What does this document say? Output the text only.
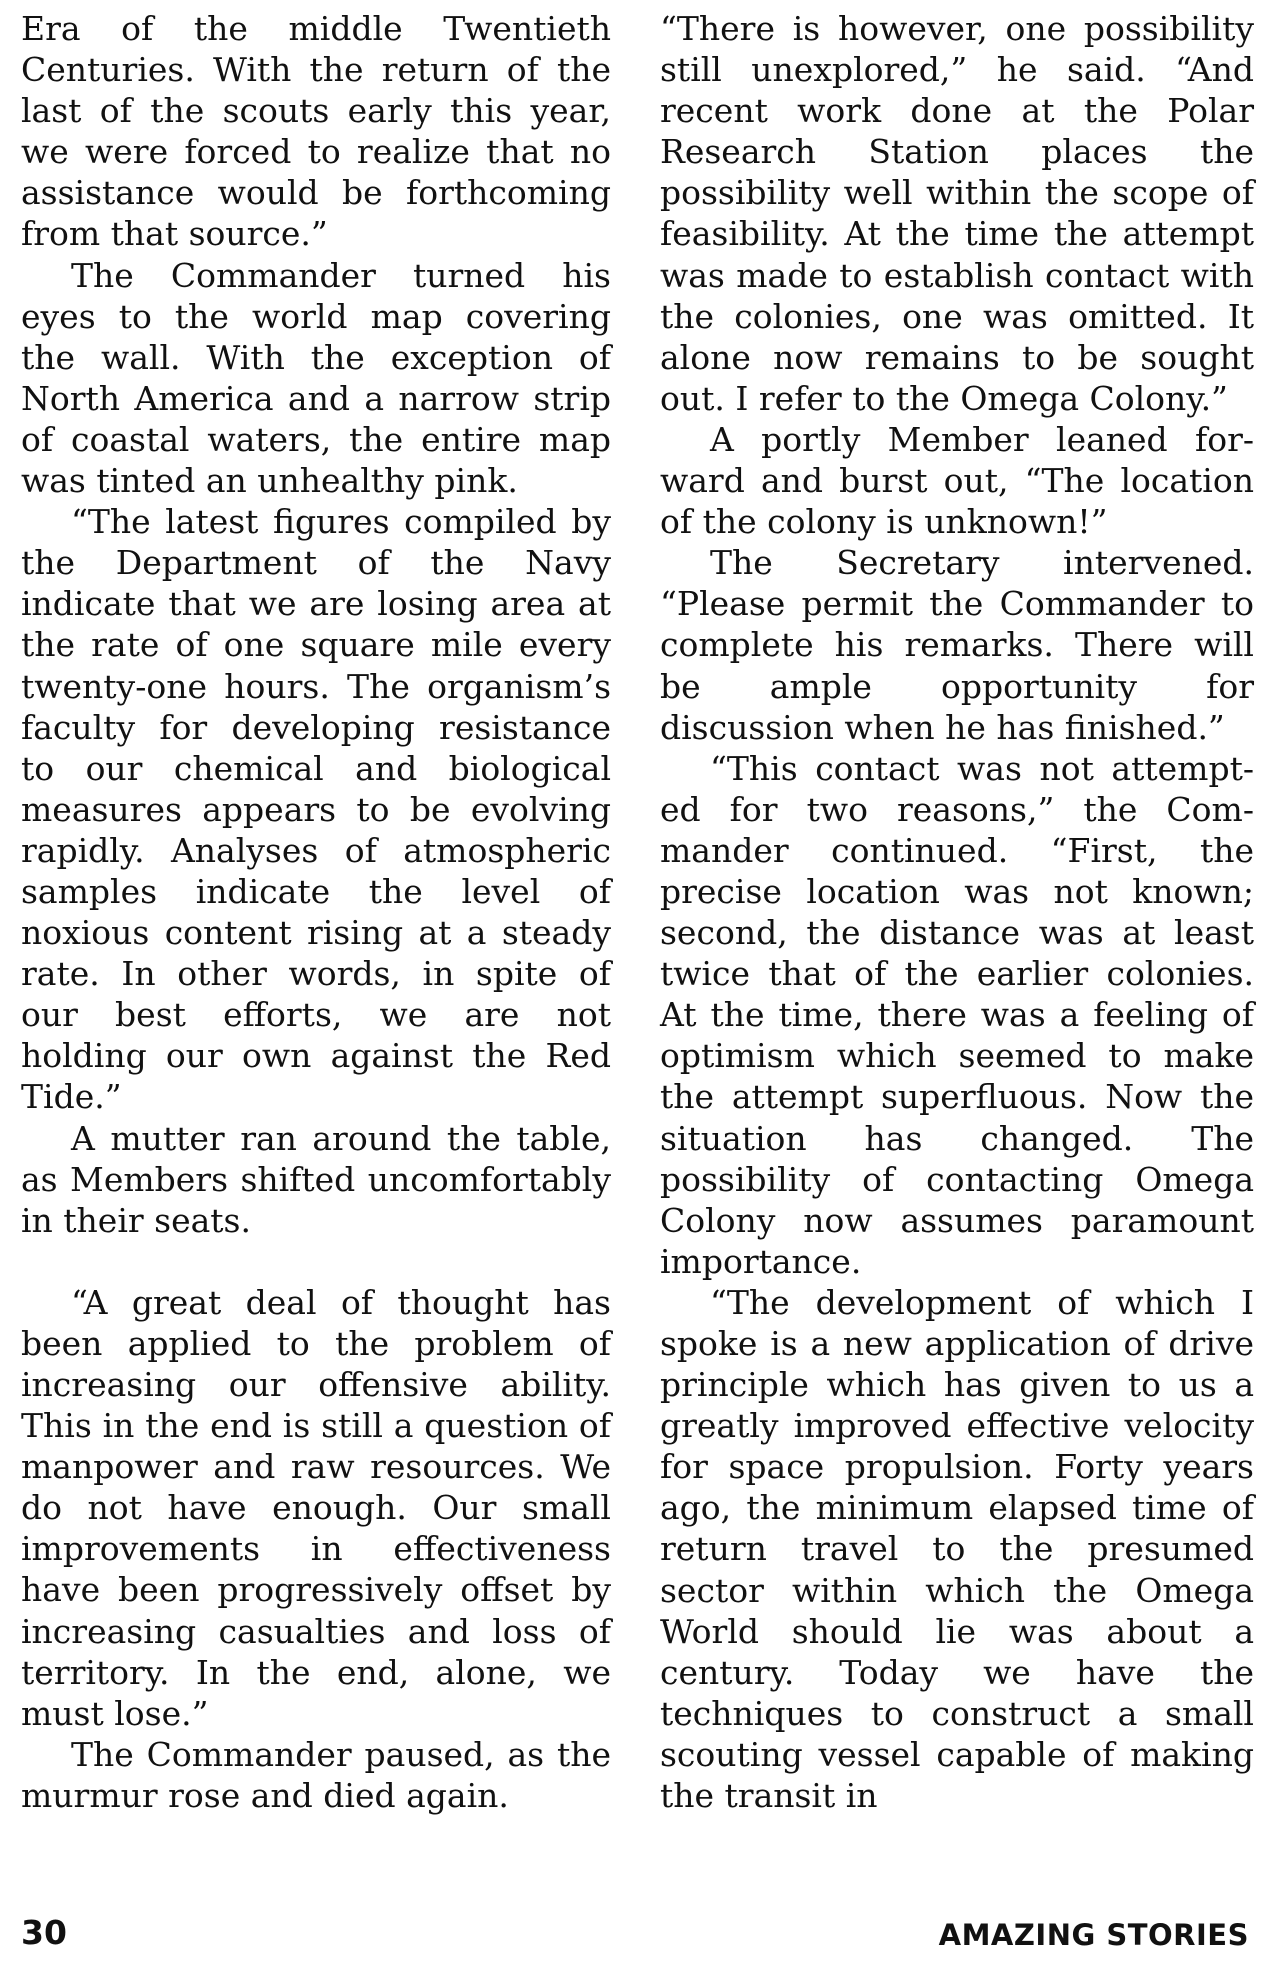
Era of the middle Twentieth Centuries. With the return of the last of the scouts early this year, we were forced to realize that no assistance would be forthcoming from that source.”

The Commander turned his eyes to the world map covering the wall. With the exception of North America and a narrow strip of coastal waters, the entire map was tinted an unhealthy pink.

“The latest figures compiled by the Department of the Navy indicate that we are losing area at the rate of one square mile every twenty-one hours. The organism’s faculty for developing resistance to our chemical and biological measures appears to be evolving rapidly. Analyses of atmospheric samples indicate the level of noxious content rising at a steady rate. In other words, in spite of our best efforts, we are not holding our own against the Red Tide.”

A mutter ran around the table, as Members shifted uncomfortably in their seats.

“A great deal of thought has been applied to the problem of increasing our offensive ability. This in the end is still a question of manpower and raw resources. We do not have enough. Our small improvements in effectiveness have been progressively offset by increasing casualties and loss of territory. In the end, alone, we must lose.”

The Commander paused, as the murmur rose and died again.

“There is however, one possibility still unexplored,” he said. “And recent work done at the Polar Research Station places the possibility well within the scope of feasibility. At the time the attempt was made to establish contact with the colonies, one was omitted. It alone now remains to be sought out. I refer to the Omega Colony.”

A portly Member leaned forward and burst out, “The location of the colony is unknown!”

The Secretary intervened. “Please permit the Commander to complete his remarks. There will be ample opportunity for discussion when he has finished.”

“This contact was not attempted for two reasons,” the Commander continued. “First, the precise location was not known; second, the distance was at least twice that of the earlier colonies. At the time, there was a feeling of optimism which seemed to make the attempt superfluous. Now the situation has changed. The possibility of contacting Omega Colony now assumes paramount importance.

“The development of which I spoke is a new application of drive principle which has given to us a greatly improved effective velocity for space propulsion. Forty years ago, the minimum elapsed time of return travel to the presumed sector within which the Omega World should lie was about a century. Today we have the techniques to construct a small scouting vessel capable of making the transit in

30	AMAZING STORIES
